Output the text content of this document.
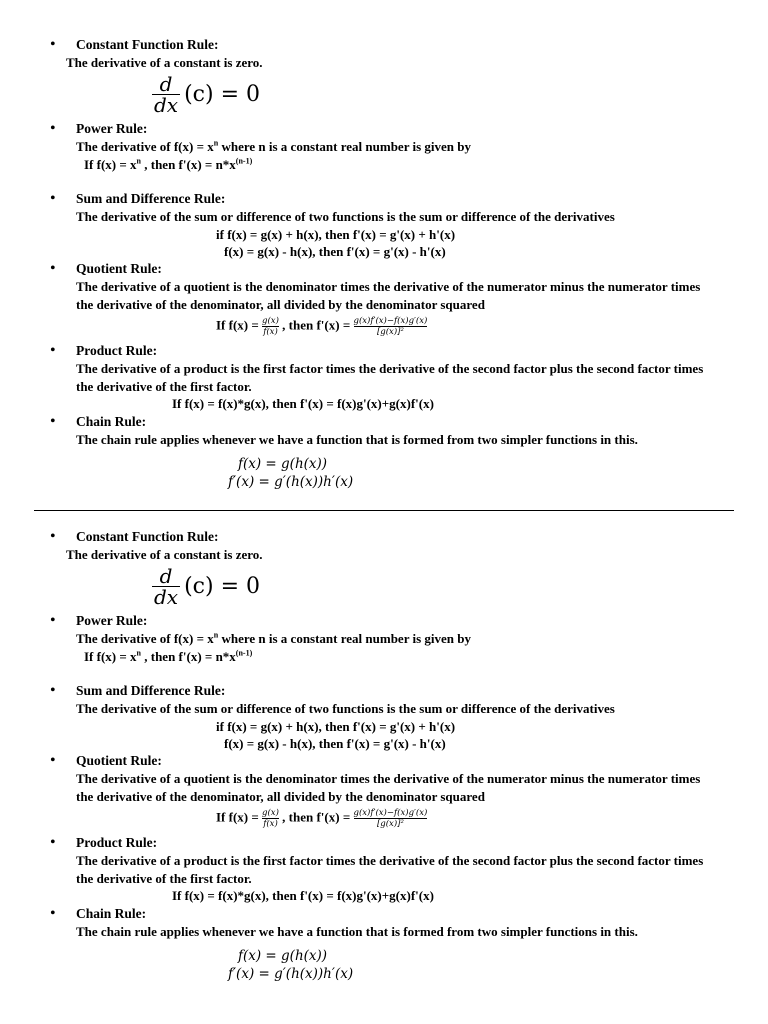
• Constant Function Rule:
The derivative of a constant is zero.
$\frac{d}{dx} (c) = 0$
• Power Rule:
The derivative of $f(x) = x^n$ where n is a constant real number is given by
If $f(x) = x^n$ , then $f'(x) = n*x^{(n-1)}$
• Sum and Difference Rule:
The derivative of the sum or difference of two functions is the sum or difference of the derivatives
if f(x) = g(x) + h(x), then f'(x) = g'(x) + h'(x)
f(x) = g(x) - h(x), then f'(x) = g'(x) - h'(x)
• Quotient Rule:
The derivative of a quotient is the denominator times the derivative of the numerator minus the numerator times the derivative of the denominator, all divided by the denominator squared
If $f(x) = \frac{g(x)}{f(x)}$ , then $f'(x) = \frac{g(x)f'(x)-f(x)g'(x)}{\text{[g(x)]²}}$
• Product Rule:
The derivative of a product is the first factor times the derivative of the second factor plus the second factor times the derivative of the first factor.
If f(x) = f(x)*g(x), then f'(x) = f(x)g'(x)+g(x)f'(x)
• Chain Rule:
The chain rule applies whenever we have a function that is formed from two simpler functions in this.
f(x) = g(h(x))
f′(x) = g′(h(x))h′(x)
• Constant Function Rule:
The derivative of a constant is zero.
$\frac{d}{dx} (c) = 0$
• Power Rule:
The derivative of $f(x) = x^n$ where n is a constant real number is given by
If $f(x) = x^n$ , then $f'(x) = n*x^{(n-1)}$
• Sum and Difference Rule:
The derivative of the sum or difference of two functions is the sum or difference of the derivatives
if f(x) = g(x) + h(x), then f'(x) = g'(x) + h'(x)
f(x) = g(x) - h(x), then f'(x) = g'(x) - h'(x)
• Quotient Rule:
The derivative of a quotient is the denominator times the derivative of the numerator minus the numerator times the derivative of the denominator, all divided by the denominator squared
If $f(x) = \frac{g(x)}{f(x)}$ , then $f'(x) = \frac{g(x)f'(x)-f(x)g'(x)}{\text{[g(x)]²}}$
• Product Rule:
The derivative of a product is the first factor times the derivative of the second factor plus the second factor times the derivative of the first factor.
If f(x) = f(x)*g(x), then f'(x) = f(x)g'(x)+g(x)f'(x)
• Chain Rule:
The chain rule applies whenever we have a function that is formed from two simpler functions in this.
f(x) = g(h(x))
f′(x) = g′(h(x))h′(x)
